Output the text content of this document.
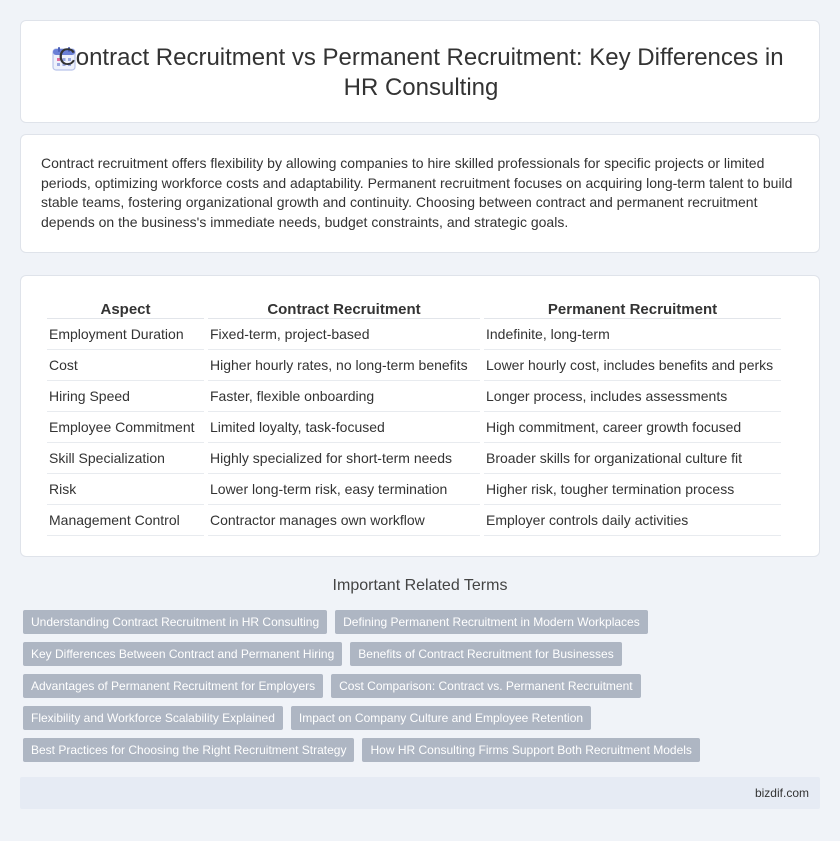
Contract Recruitment vs Permanent Recruitment: Key Differences in HR Consulting

Contract recruitment offers flexibility by allowing companies to hire skilled professionals for specific projects or limited periods, optimizing workforce costs and adaptability. Permanent recruitment focuses on acquiring long-term talent to build stable teams, fostering organizational growth and continuity. Choosing between contract and permanent recruitment depends on the business's immediate needs, budget constraints, and strategic goals.

Aspect	Contract Recruitment	Permanent Recruitment
Employment Duration	Fixed-term, project-based	Indefinite, long-term
Cost	Higher hourly rates, no long-term benefits	Lower hourly cost, includes benefits and perks
Hiring Speed	Faster, flexible onboarding	Longer process, includes assessments
Employee Commitment	Limited loyalty, task-focused	High commitment, career growth focused
Skill Specialization	Highly specialized for short-term needs	Broader skills for organizational culture fit
Risk	Lower long-term risk, easy termination	Higher risk, tougher termination process
Management Control	Contractor manages own workflow	Employer controls daily activities
Important Related Terms
Understanding Contract Recruitment in HR Consulting	Defining Permanent Recruitment in Modern Workplaces
Key Differences Between Contract and Permanent Hiring	Benefits of Contract Recruitment for Businesses
Advantages of Permanent Recruitment for Employers	Cost Comparison: Contract vs. Permanent Recruitment
Flexibility and Workforce Scalability Explained	Impact on Company Culture and Employee Retention
Best Practices for Choosing the Right Recruitment Strategy	How HR Consulting Firms Support Both Recruitment Models
bizdif.com
